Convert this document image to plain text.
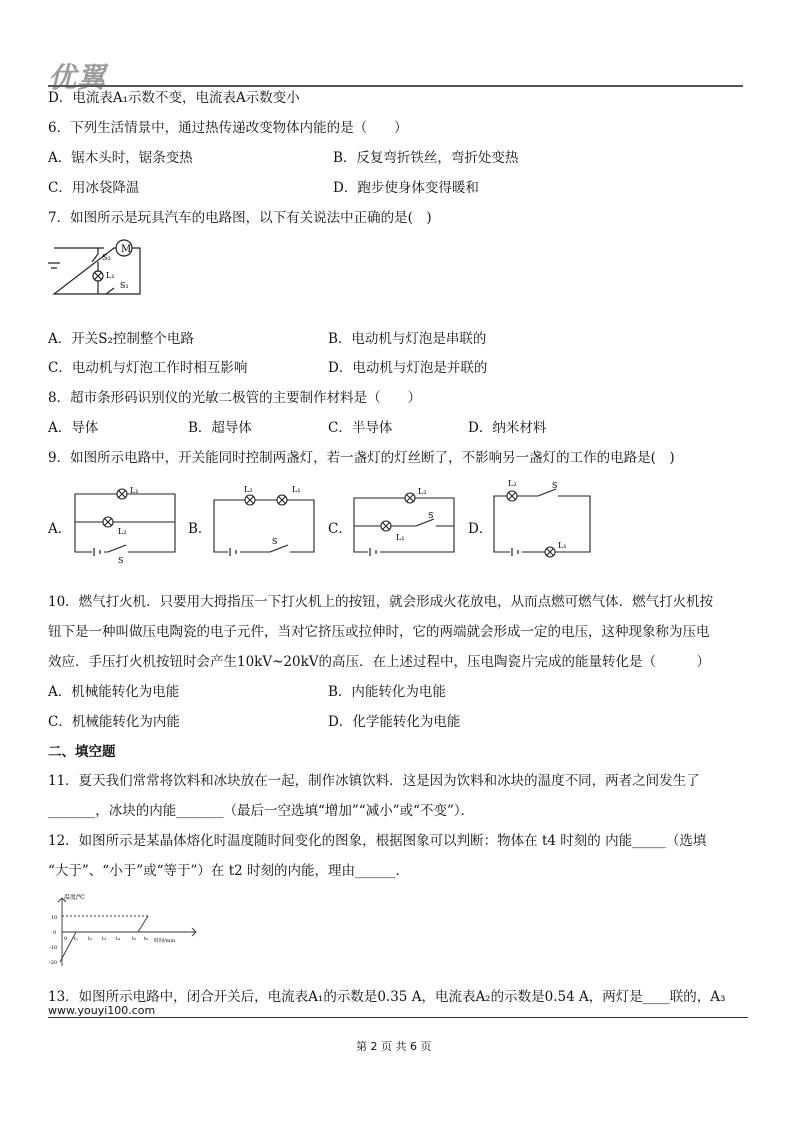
优翼
D．电流表A₁示数不变，电流表A示数变小
6．下列生活情景中，通过热传递改变物体内能的是（　　）
A．锯木头时，锯条变热	B．反复弯折铁丝，弯折处变热
C．用冰袋降温	D．跑步使身体变得暖和
7．如图所示是玩具汽车的电路图，以下有关说法中正确的是(　)
M
S₂
L₁
S₁
A．开关S₂控制整个电路	B．电动机与灯泡是串联的
C．电动机与灯泡工作时相互影响	D．电动机与灯泡是并联的
8．超市条形码识别仪的光敏二极管的主要制作材料是（　　）
A．导体	B．超导体	C．半导体	D．纳米材料
9．如图所示电路中，开关能同时控制两盏灯，若一盏灯的灯丝断了，不影响另一盏灯的工作的电路是(　)
A．
L₁
L₂
S
B．
L₂	L₁
S
C．
L₂
S
L₁
D．
L₂	S
L₁
10．燃气打火机．只要用大拇指压一下打火机上的按钮，就会形成火花放电，从而点燃可燃气体．燃气打火机按
钮下是一种叫做压电陶瓷的电子元件，当对它挤压或拉伸时，它的两端就会形成一定的电压，这种现象称为压电
效应．手压打火机按钮时会产生10kV~20kV的高压．在上述过程中，压电陶瓷片完成的能量转化是（　　　）
A．机械能转化为电能	B．内能转化为电能
C．机械能转化为内能	D．化学能转化为电能
二、填空题
11．夏天我们常常将饮料和冰块放在一起，制作冰镇饮料．这是因为饮料和冰块的温度不同，两者之间发生了
_______，冰块的内能_______（最后一空选填“增加”“减小”或“不变”）．
12．如图所示是某晶体熔化时温度随时间变化的图象，根据图象可以判断：物体在 t4 时刻的 内能_____（选填
“大于”、“小于”或“等于”）在 t2 时刻的内能，理由______．
温度/℃
时间/min
10
0
-10
-20
0 t₁ t₂ t₃ t₄ t₅ t₆
13．如图所示电路中，闭合开关后，电流表A₁的示数是0.35 A，电流表A₂的示数是0.54 A，两灯是____联的，A₃
www.youyi100.com
第 2 页 共 6 页
